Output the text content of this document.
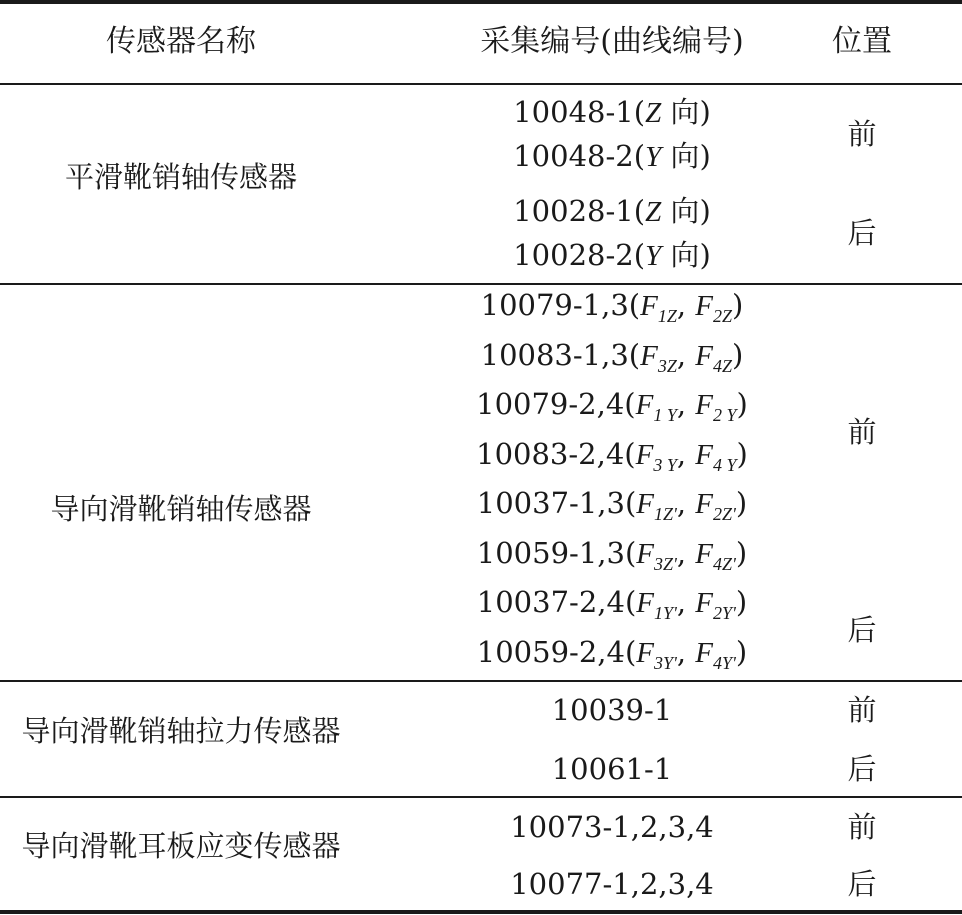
传感器名称	采集编号(曲线编号)	位置
平滑靴销轴传感器
10048-1(Z 向)
10048-2(Y 向)
10028-1(Z 向)
10028-2(Y 向)
前
后
导向滑靴销轴传感器
$10079-1,3(F_{1Z}$, $F_{2Z}$)
$10083-1,3(F_{3Z}$, $F_{4Z}$)
$10079-2,4(F_{1 Y}$, $F_{2 Y}$)
$10083-2,4(F_{3 Y}$, $F_{4 Y}$)
$10037-1,3(F_{1Z'}$, $F_{2Z'}$)
$10059-1,3(F_{3Z'}$, $F_{4Z'}$)
$10037-2,4(F_{1Y'}$, $F_{2Y'}$)
$10059-2,4(F_{3Y'}$, $F_{4Y'}$)
前
后
导向滑靴销轴拉力传感器
10039-1
10061-1
前
后
导向滑靴耳板应变传感器
10073-1,2,3,4
10077-1,2,3,4
前
后
